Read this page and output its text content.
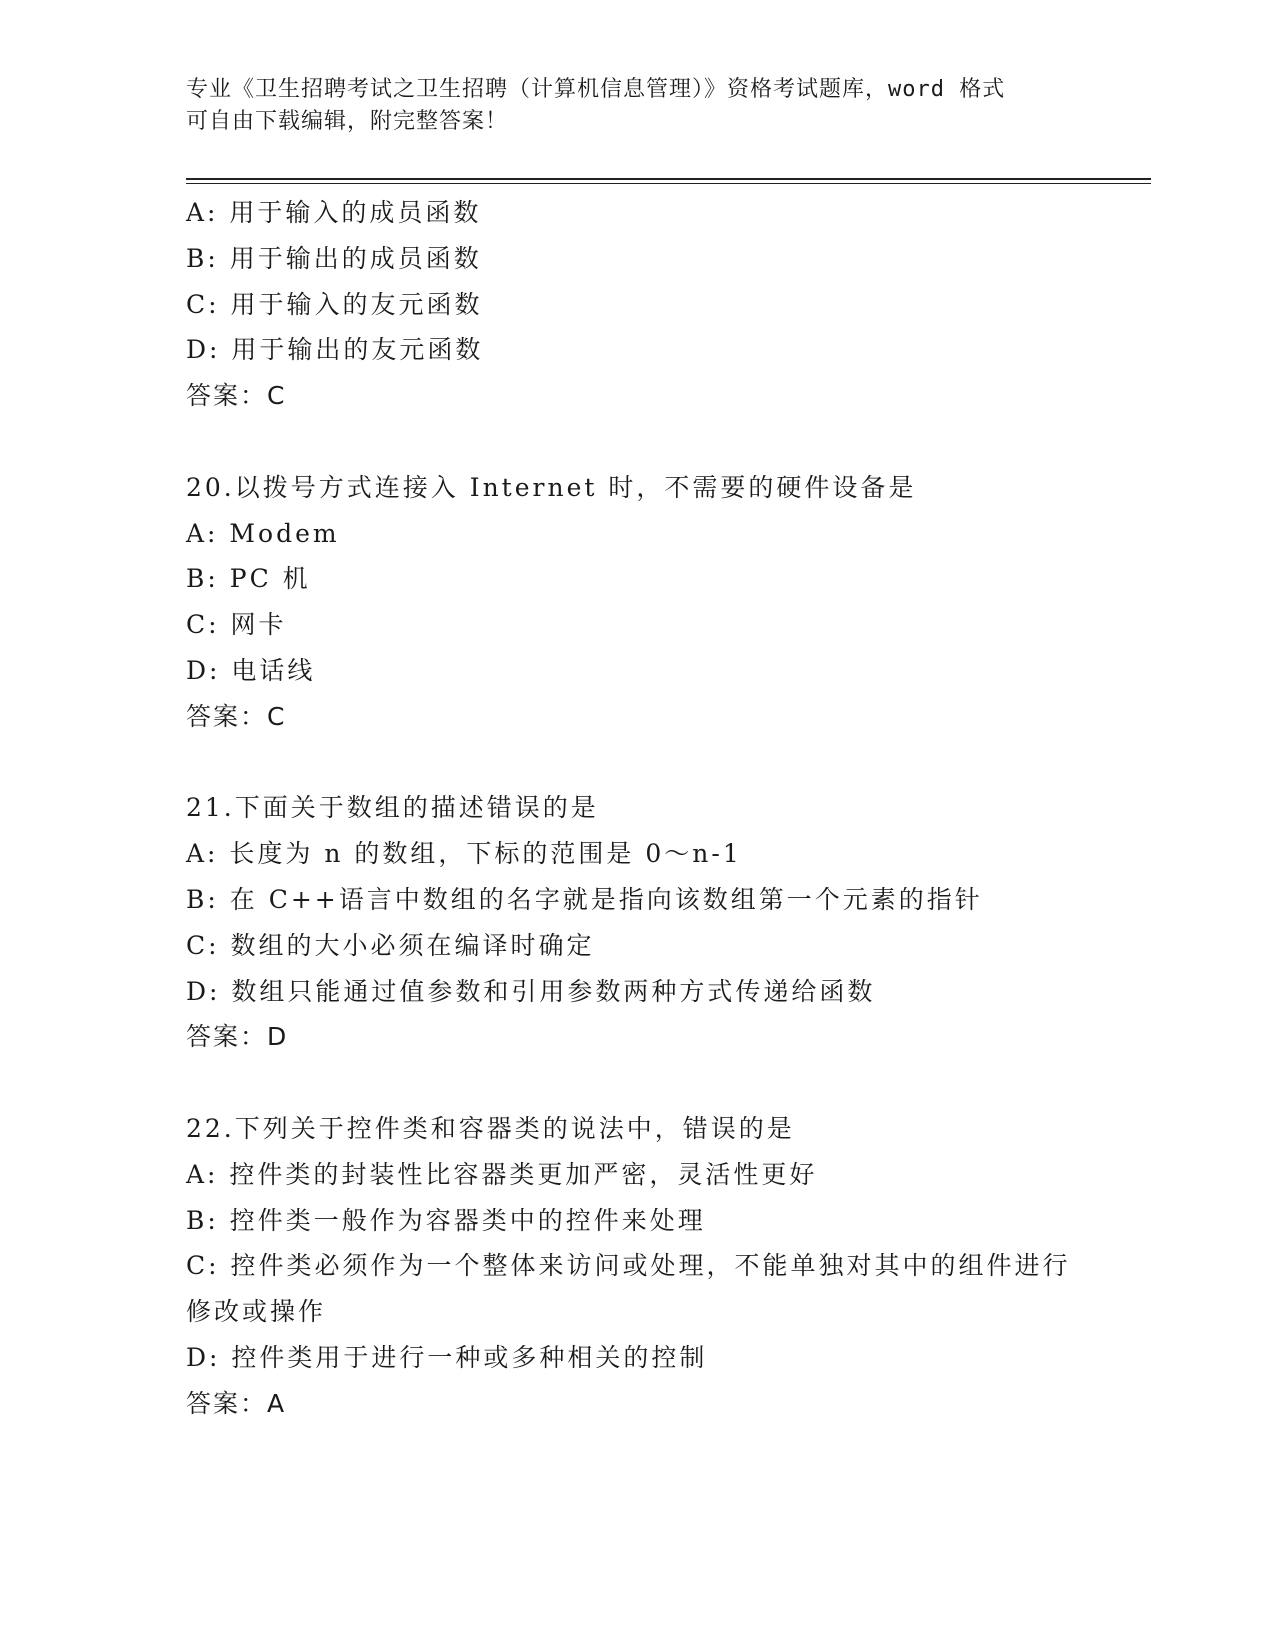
专业《卫生招聘考试之卫生招聘（计算机信息管理）》资格考试题库，word 格式
可自由下载编辑，附完整答案！
A: 用于输入的成员函数
B: 用于输出的成员函数
C: 用于输入的友元函数
D: 用于输出的友元函数
答案：C
20.以拨号方式连接入 Internet 时，不需要的硬件设备是
A: Modem
B: PC 机
C: 网卡
D: 电话线
答案：C
21.下面关于数组的描述错误的是
A: 长度为 n 的数组，下标的范围是 0～n-1
B: 在 C++语言中数组的名字就是指向该数组第一个元素的指针
C: 数组的大小必须在编译时确定
D: 数组只能通过值参数和引用参数两种方式传递给函数
答案：D
22.下列关于控件类和容器类的说法中，错误的是
A: 控件类的封装性比容器类更加严密，灵活性更好
B: 控件类一般作为容器类中的控件来处理
C: 控件类必须作为一个整体来访问或处理，不能单独对其中的组件进行修改或操作
D: 控件类用于进行一种或多种相关的控制
答案：A
